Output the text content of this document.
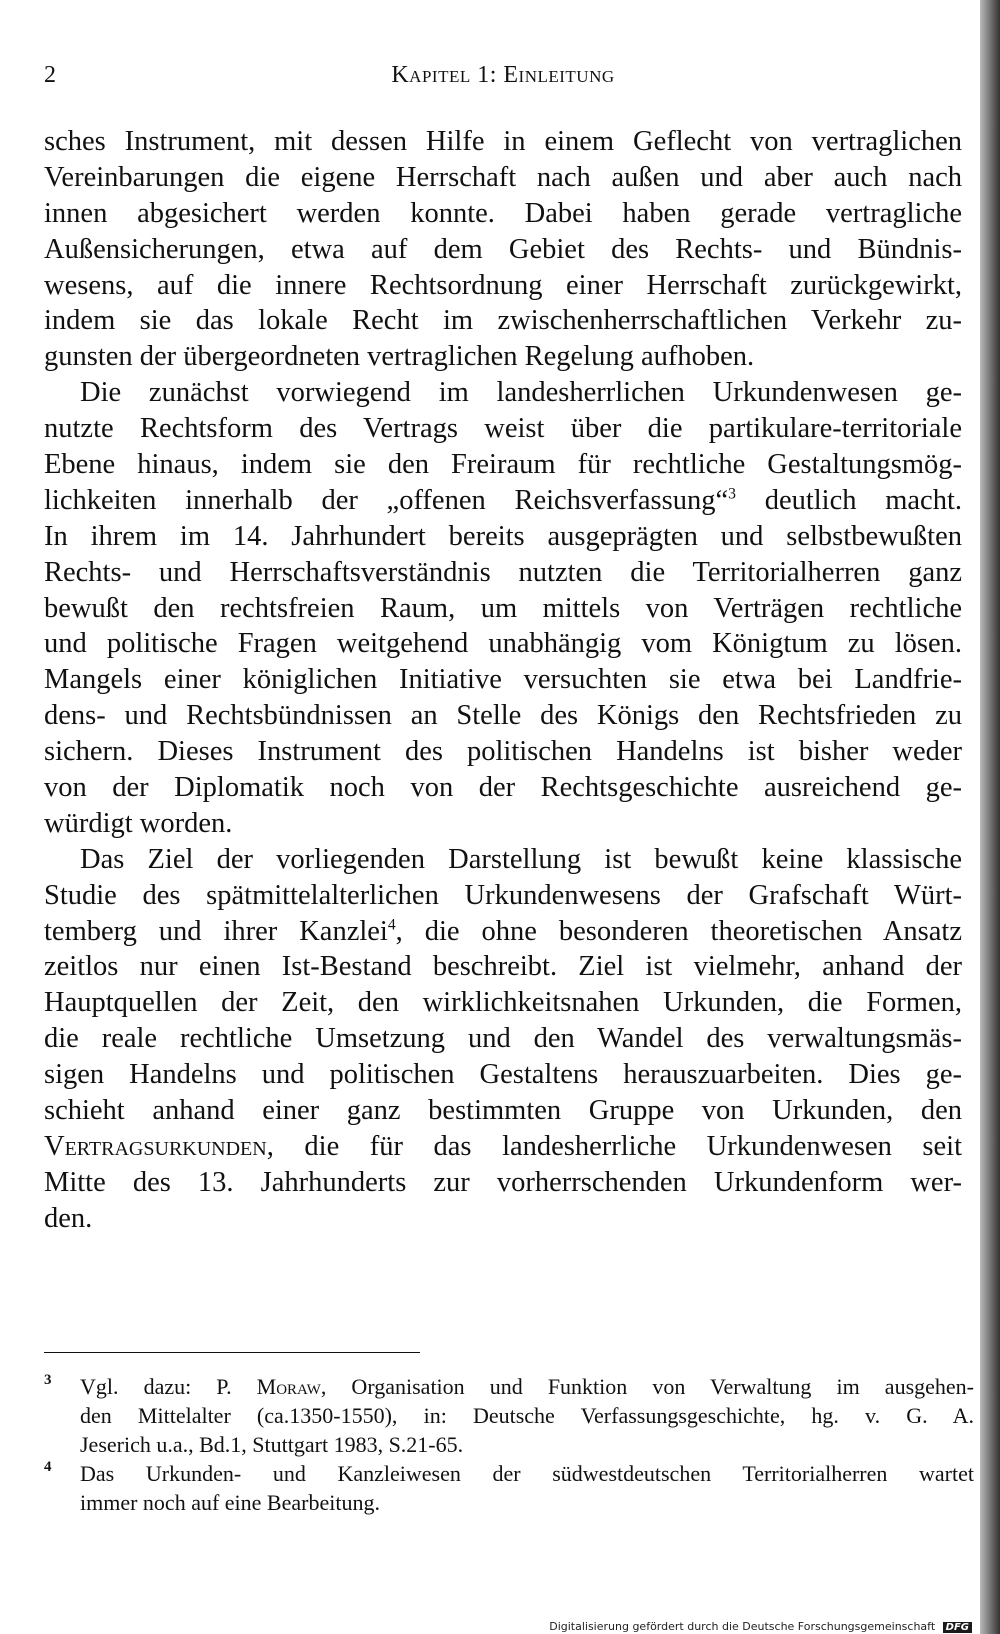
2	Kapitel 1: Einleitung
sches Instrument, mit dessen Hilfe in einem Geflecht von vertraglichen
Vereinbarungen die eigene Herrschaft nach außen und aber auch nach
innen abgesichert werden konnte. Dabei haben gerade vertragliche
Außensicherungen, etwa auf dem Gebiet des Rechts- und Bündnis-
wesens, auf die innere Rechtsordnung einer Herrschaft zurückgewirkt,
indem sie das lokale Recht im zwischenherrschaftlichen Verkehr zu-
gunsten der übergeordneten vertraglichen Regelung aufhoben.
Die zunächst vorwiegend im landesherrlichen Urkundenwesen ge-
nutzte Rechtsform des Vertrags weist über die partikulare-territoriale
Ebene hinaus, indem sie den Freiraum für rechtliche Gestaltungsmög-
lichkeiten innerhalb der „offenen Reichsverfassung“$^3$ deutlich macht.
In ihrem im 14. Jahrhundert bereits ausgeprägten und selbstbewußten
Rechts- und Herrschaftsverständnis nutzten die Territorialherren ganz
bewußt den rechtsfreien Raum, um mittels von Verträgen rechtliche
und politische Fragen weitgehend unabhängig vom Königtum zu lösen.
Mangels einer königlichen Initiative versuchten sie etwa bei Landfrie-
dens- und Rechtsbündnissen an Stelle des Königs den Rechtsfrieden zu
sichern. Dieses Instrument des politischen Handelns ist bisher weder
von der Diplomatik noch von der Rechtsgeschichte ausreichend ge-
würdigt worden.
Das Ziel der vorliegenden Darstellung ist bewußt keine klassische
Studie des spätmittelalterlichen Urkundenwesens der Grafschaft Würt-
temberg und ihrer Kanzlei$^4$, die ohne besonderen theoretischen Ansatz
zeitlos nur einen Ist-Bestand beschreibt. Ziel ist vielmehr, anhand der
Hauptquellen der Zeit, den wirklichkeitsnahen Urkunden, die Formen,
die reale rechtliche Umsetzung und den Wandel des verwaltungsmäs-
sigen Handelns und politischen Gestaltens herauszuarbeiten. Dies ge-
schieht anhand einer ganz bestimmten Gruppe von Urkunden, den
Vertragsurkunden, die für das landesherrliche Urkundenwesen seit
Mitte des 13. Jahrhunderts zur vorherrschenden Urkundenform wer-
den.
3 Vgl. dazu: P. Moraw, Organisation und Funktion von Verwaltung im ausgehen-
den Mittelalter (ca.1350-1550), in: Deutsche Verfassungsgeschichte, hg. v. G. A.
Jeserich u.a., Bd.1, Stuttgart 1983, S.21-65.
4 Das Urkunden- und Kanzleiwesen der südwestdeutschen Territorialherren wartet
immer noch auf eine Bearbeitung.
Digitalisierung gefördert durch die Deutsche Forschungsgemeinschaft DFG
